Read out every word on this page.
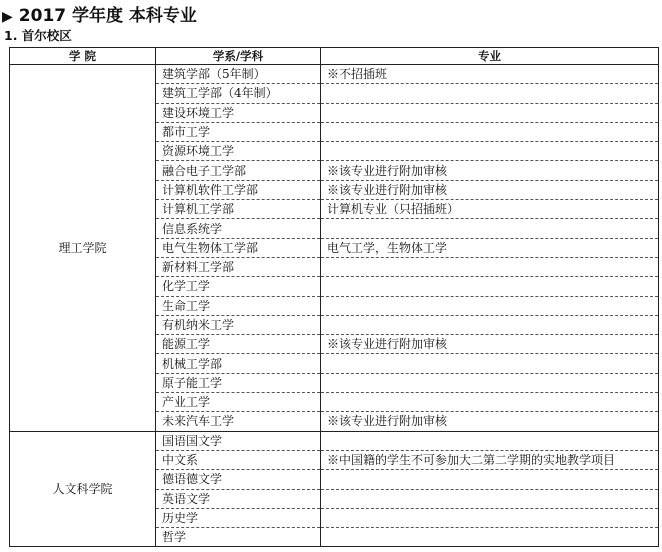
▶ 2017 学年度 本科专业
1. 首尔校区
学 院	学系/学科	专业
理工学院	建筑学部（5年制）	※不招插班
	建筑工学部（4年制）	
	建设环境工学	
	都市工学	
	资源环境工学	
	融合电子工学部	※该专业进行附加审核
	计算机软件工学部	※该专业进行附加审核
	计算机工学部	计算机专业（只招插班）
	信息系统学	
	电气生物体工学部	电气工学，生物体工学
	新材料工学部	
	化学工学	
	生命工学	
	有机纳米工学	
	能源工学	※该专业进行附加审核
	机械工学部	
	原子能工学	
	产业工学	
	未来汽车工学	※该专业进行附加审核
人文科学院	国语国文学	
	中文系	※中国籍的学生不可参加大二第二学期的实地教学项目
	德语德文学	
	英语文学	
	历史学	
	哲学	
